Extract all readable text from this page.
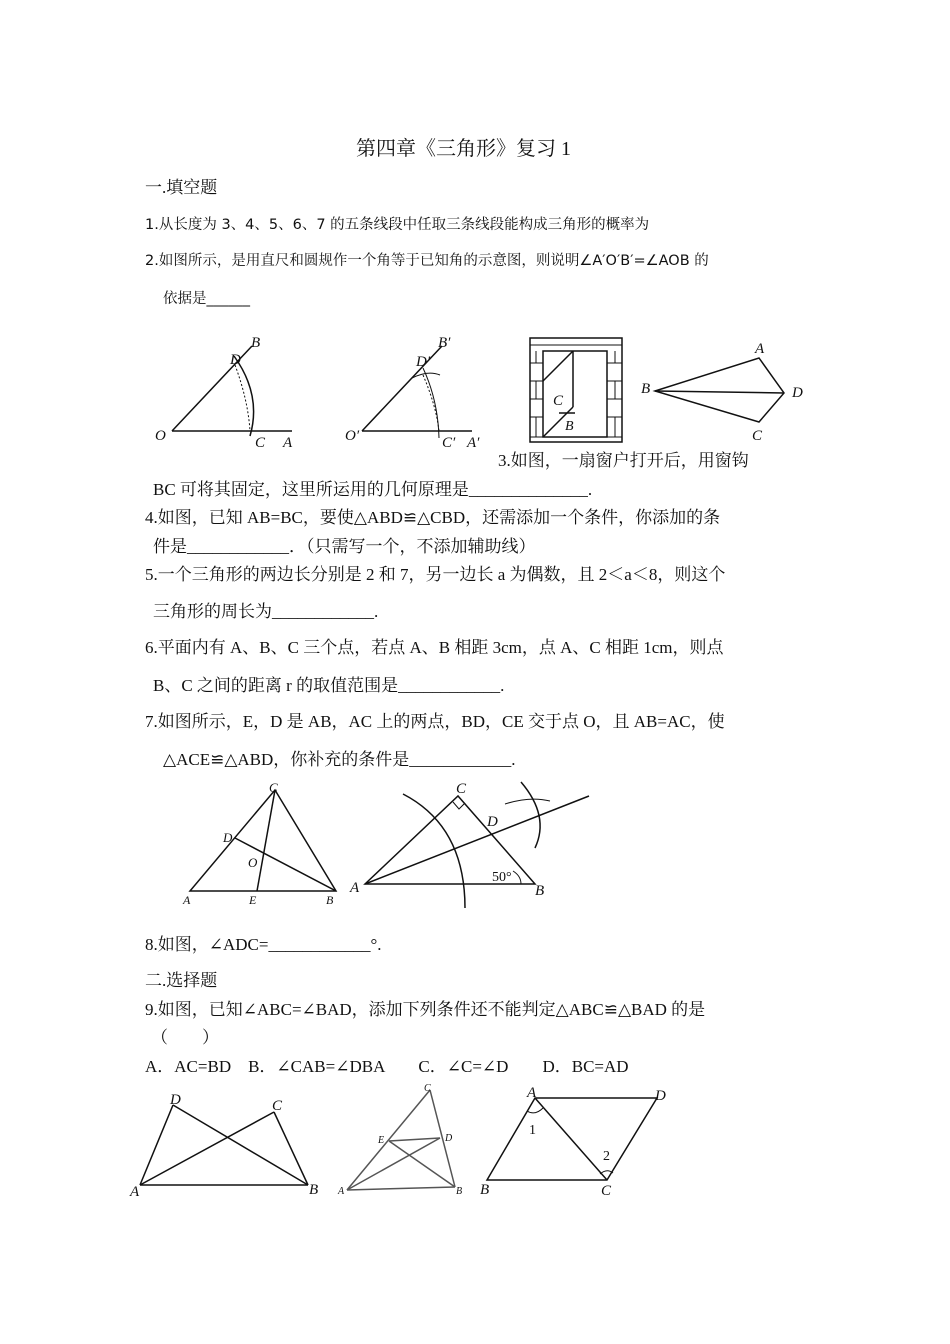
第四章《三角形》复习 1
一.填空题
1.从长度为 3、4、5、6、7 的五条线段中任取三条线段能构成三角形的概率为
2.如图所示，是用直尺和圆规作一个角等于已知角的示意图，则说明∠A′O′B′=∠AOB 的
依据是______
B
D
O	C A
B′
D′
O′	C′ A′
C
B
A
B	D
C
3.如图，一扇窗户打开后，用窗钩
BC 可将其固定，这里所运用的几何原理是______________.
4.如图，已知 AB=BC，要使△ABD≌△CBD，还需添加一个条件，你添加的条
件是____________．（只需写一个，不添加辅助线）
5.一个三角形的两边长分别是 2 和 7，另一边长 a 为偶数，且 2＜a＜8，则这个
三角形的周长为____________.
6.平面内有 A、B、C 三个点，若点 A、B 相距 3cm，点 A、C 相距 1cm，则点
B、C 之间的距离 r 的取值范围是____________.
7.如图所示，E，D 是 AB，AC 上的两点，BD，CE 交于点 O，且 AB=AC，使
△ACE≌△ABD，你补充的条件是____________.
C
D
O
A	E	B
C
D
A	B
50°
8.如图，∠ADC=____________°.
二.选择题
9.如图，已知∠ABC=∠BAD，添加下列条件还不能判定△ABC≌△BAD 的是
（　　）
A．AC=BD　B．∠CAB=∠DBA　　C．∠C=∠D　　D．BC=AD
D	C
A	B
C
E	D
A	B
A	D
B	C
1
2
